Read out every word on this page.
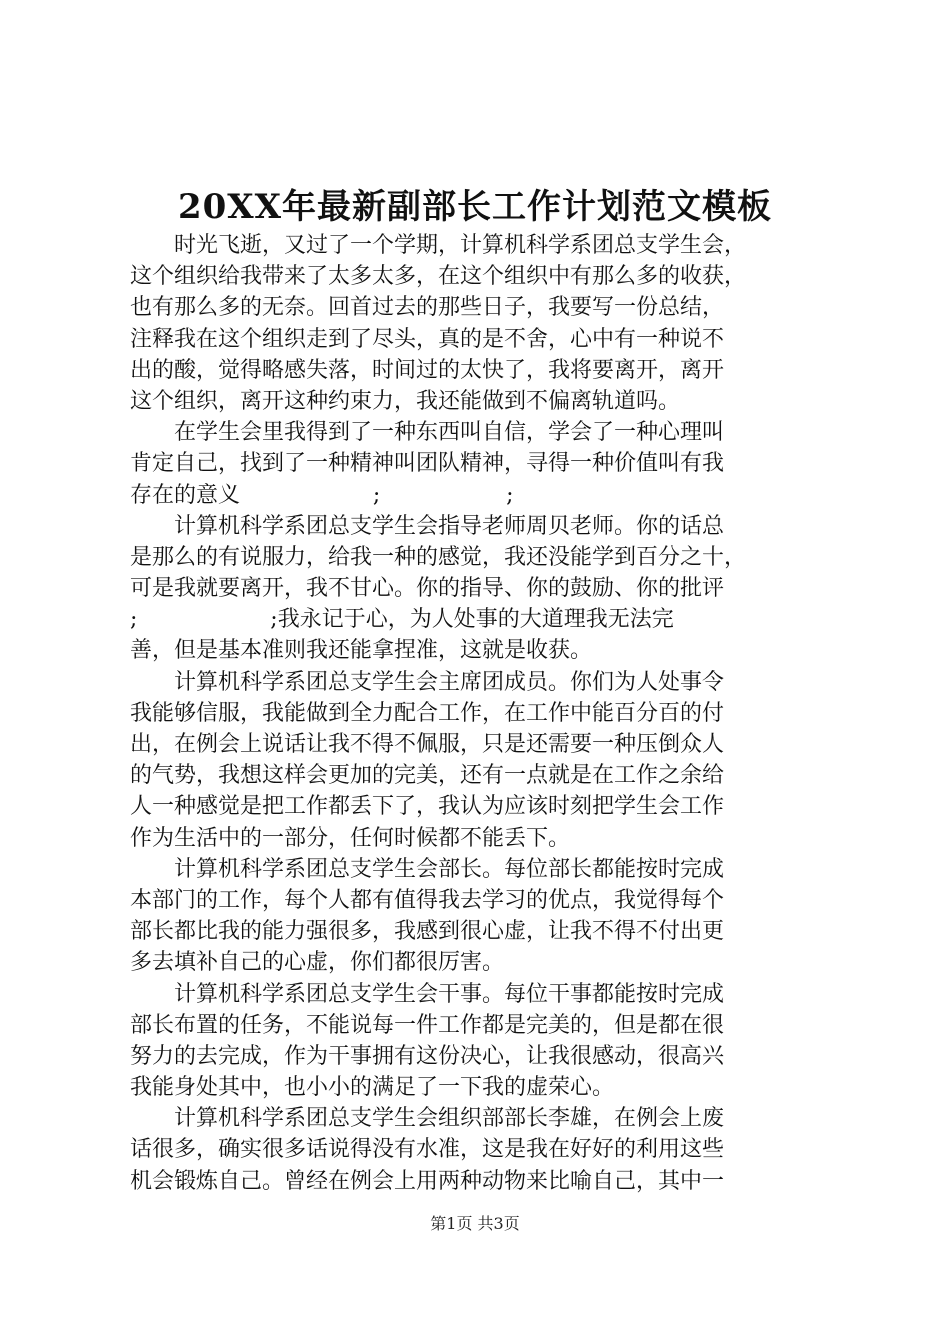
20XX年最新副部长工作计划范文模板
时光飞逝，又过了一个学期，计算机科学系团总支学生会，
这个组织给我带来了太多太多，在这个组织中有那么多的收获，
也有那么多的无奈。回首过去的那些日子，我要写一份总结，
注释我在这个组织走到了尽头，真的是不舍，心中有一种说不
出的酸，觉得略感失落，时间过的太快了，我将要离开，离开
这个组织，离开这种约束力，我还能做到不偏离轨道吗。
在学生会里我得到了一种东西叫自信，学会了一种心理叫
肯定自己，找到了一种精神叫团队精神，寻得一种价值叫有我
存在的意义                   ;                  ;
计算机科学系团总支学生会指导老师周贝老师。你的话总
是那么的有说服力，给我一种的感觉，我还没能学到百分之十，
可是我就要离开，我不甘心。你的指导、你的鼓励、你的批评
;                   ;我永记于心，为人处事的大道理我无法完
善，但是基本准则我还能拿捏准，这就是收获。
计算机科学系团总支学生会主席团成员。你们为人处事令
我能够信服，我能做到全力配合工作，在工作中能百分百的付
出，在例会上说话让我不得不佩服，只是还需要一种压倒众人
的气势，我想这样会更加的完美，还有一点就是在工作之余给
人一种感觉是把工作都丢下了，我认为应该时刻把学生会工作
作为生活中的一部分，任何时候都不能丢下。
计算机科学系团总支学生会部长。每位部长都能按时完成
本部门的工作，每个人都有值得我去学习的优点，我觉得每个
部长都比我的能力强很多，我感到很心虚，让我不得不付出更
多去填补自己的心虚，你们都很厉害。
计算机科学系团总支学生会干事。每位干事都能按时完成
部长布置的任务，不能说每一件工作都是完美的，但是都在很
努力的去完成，作为干事拥有这份决心，让我很感动，很高兴
我能身处其中，也小小的满足了一下我的虚荣心。
计算机科学系团总支学生会组织部部长李雄，在例会上废
话很多，确实很多话说得没有水准，这是我在好好的利用这些
机会锻炼自己。曾经在例会上用两种动物来比喻自己，其中一
第1页 共3页
